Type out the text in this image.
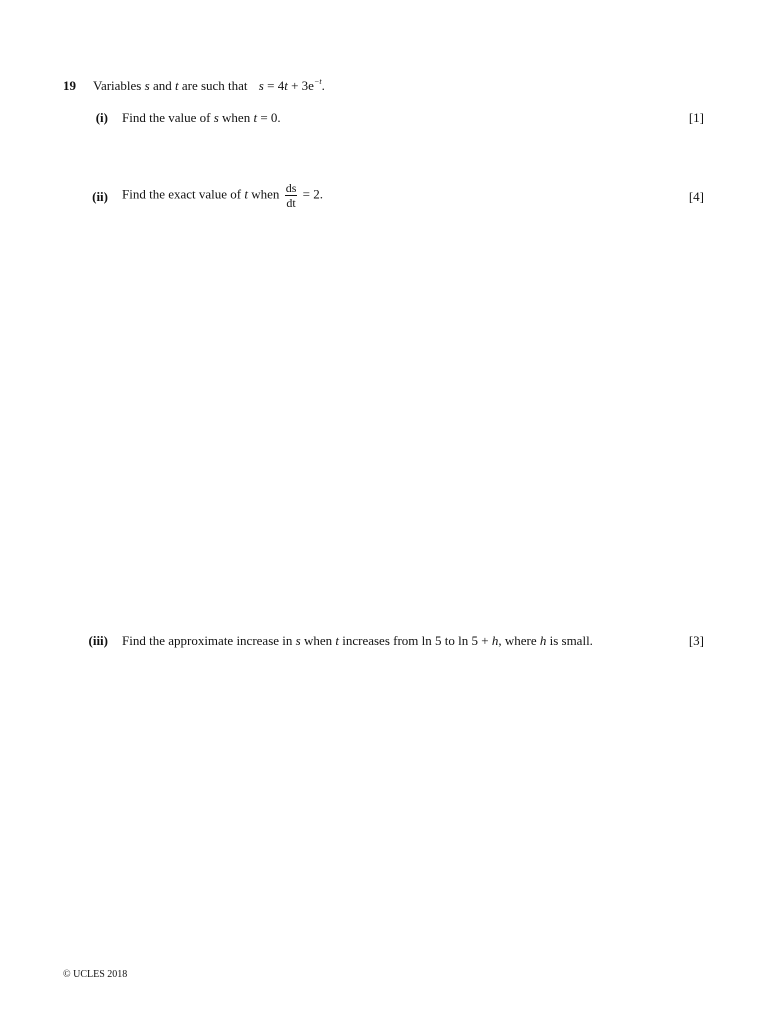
19 Variables s and t are such that $s = 4t + 3e^{-t}$.
(i) Find the value of s when t = 0.	[1]
(ii) Find the exact value of t when $\frac{ds}{dt} = 2$.	[4]
(iii) Find the approximate increase in s when t increases from ln 5 to ln 5 + h, where h is small.	[3]
© UCLES 2018
